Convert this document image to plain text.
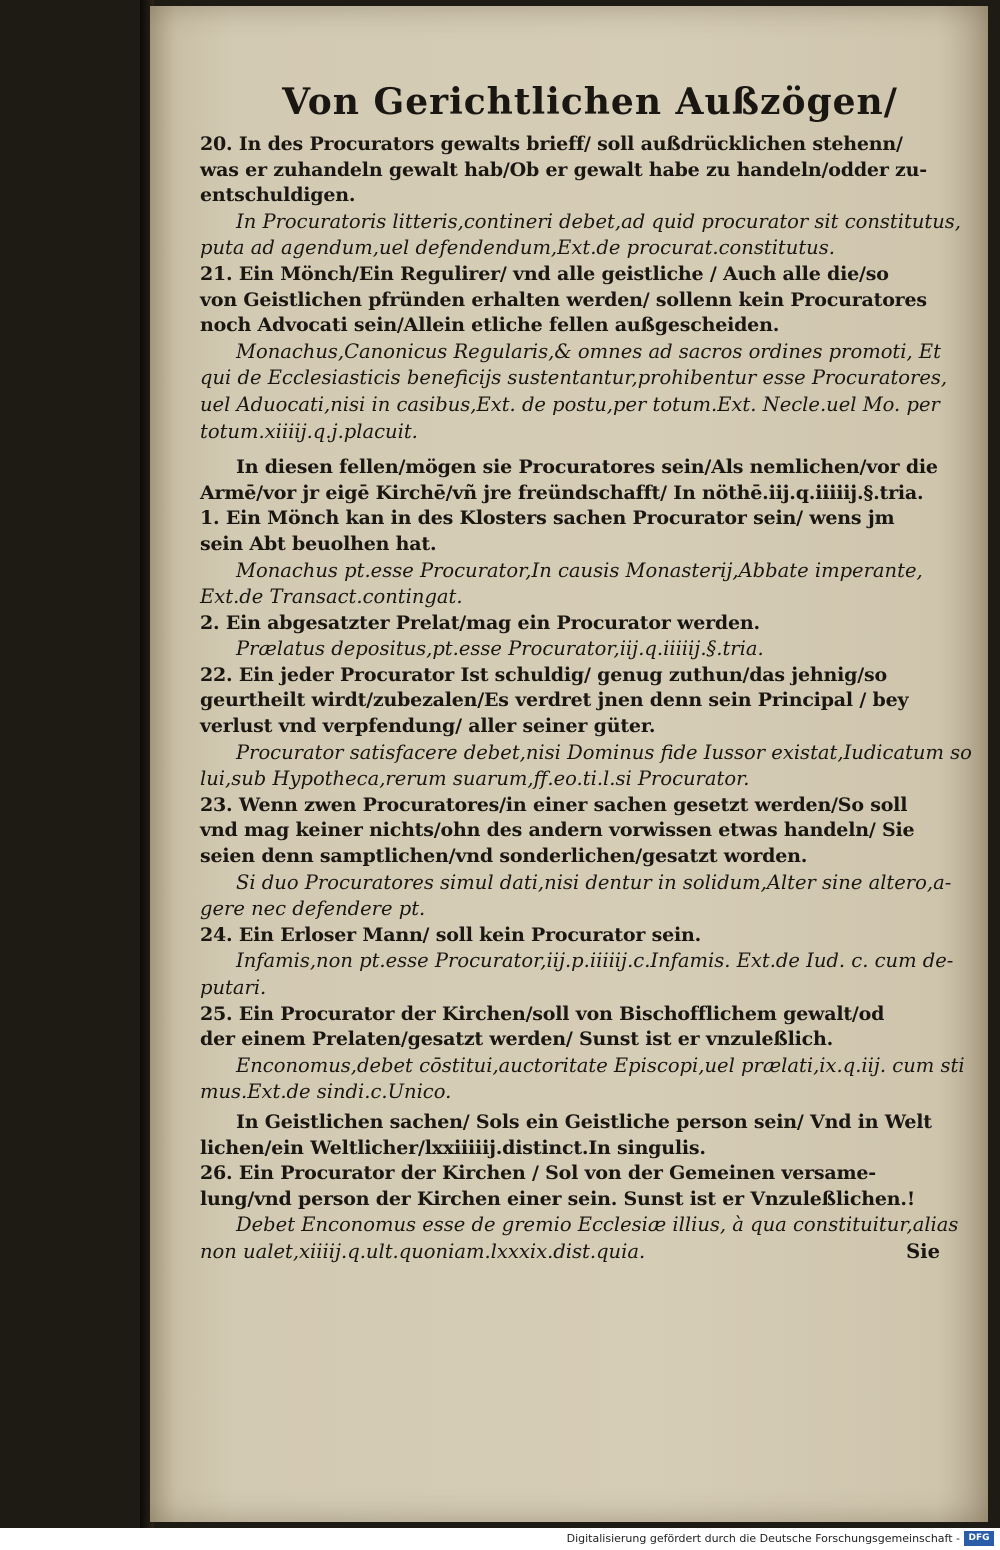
Von Gerichtlichen Außzögen/

20. In des Procurators gewalts brieff/ soll außdrücklichen stehenn/

was er zuhandeln gewalt hab/Ob er gewalt habe zu handeln/odder zu-

entschuldigen.

In Procuratoris litteris,contineri debet,ad quid procurator sit constitutus,

puta ad agendum,uel defendendum,Ext.de procurat.constitutus.

21. Ein Mönch/Ein Regulirer/ vnd alle geistliche / Auch alle die/so

von Geistlichen pfründen erhalten werden/ sollenn kein Procuratores

noch Advocati sein/Allein etliche fellen außgescheiden.

Monachus,Canonicus Regularis,& omnes ad sacros ordines promoti, Et

qui de Ecclesiasticis beneficijs sustentantur,prohibentur esse Procuratores,

uel Aduocati,nisi in casibus,Ext. de postu,per totum.Ext. Necle.uel Mo. per

totum.xiiiij.q.j.placuit.

In diesen fellen/mögen sie Procuratores sein/Als nemlichen/vor die

Armē/vor jr eigē Kirchē/vñ jre freündschafft/ In nöthē.iij.q.iiiiij.§.tria.

1. Ein Mönch kan in des Klosters sachen Procurator sein/ wens jm

sein Abt beuolhen hat.

Monachus pt.esse Procurator,In causis Monasterij,Abbate imperante,

Ext.de Transact.contingat.

2. Ein abgesatzter Prelat/mag ein Procurator werden.

Prælatus depositus,pt.esse Procurator,iij.q.iiiiij.§.tria.

22. Ein jeder Procurator Ist schuldig/ genug zuthun/das jehnig/so

geurtheilt wirdt/zubezalen/Es verdret jnen denn sein Principal / bey

verlust vnd verpfendung/ aller seiner güter.

Procurator satisfacere debet,nisi Dominus fide Iussor existat,Iudicatum so

lui,sub Hypotheca,rerum suarum,ff.eo.ti.l.si Procurator.

23. Wenn zwen Procuratores/in einer sachen gesetzt werden/So soll

vnd mag keiner nichts/ohn des andern vorwissen etwas handeln/ Sie

seien denn samptlichen/vnd sonderlichen/gesatzt worden.

Si duo Procuratores simul dati,nisi dentur in solidum,Alter sine altero,a-

gere nec defendere pt.

24. Ein Erloser Mann/ soll kein Procurator sein.

Infamis,non pt.esse Procurator,iij.p.iiiiij.c.Infamis. Ext.de Iud. c. cum de-

putari.

25. Ein Procurator der Kirchen/soll von Bischofflichem gewalt/od

der einem Prelaten/gesatzt werden/ Sunst ist er vnzuleßlich.

Enconomus,debet cōstitui,auctoritate Episcopi,uel prælati,ix.q.iij. cum sti

mus.Ext.de sindi.c.Unico.

In Geistlichen sachen/ Sols ein Geistliche person sein/ Vnd in Welt

lichen/ein Weltlicher/lxxiiiiij.distinct.In singulis.

26. Ein Procurator der Kirchen / Sol von der Gemeinen versame-

lung/vnd person der Kirchen einer sein. Sunst ist er Vnzuleßlichen.!

Debet Enconomus esse de gremio Ecclesiæ illius, à qua constituitur,alias

non ualet,xiiiij.q.ult.quoniam.lxxxix.dist.quia.	Sie

Digitalisierung gefördert durch die Deutsche Forschungsgemeinschaft - DFG
